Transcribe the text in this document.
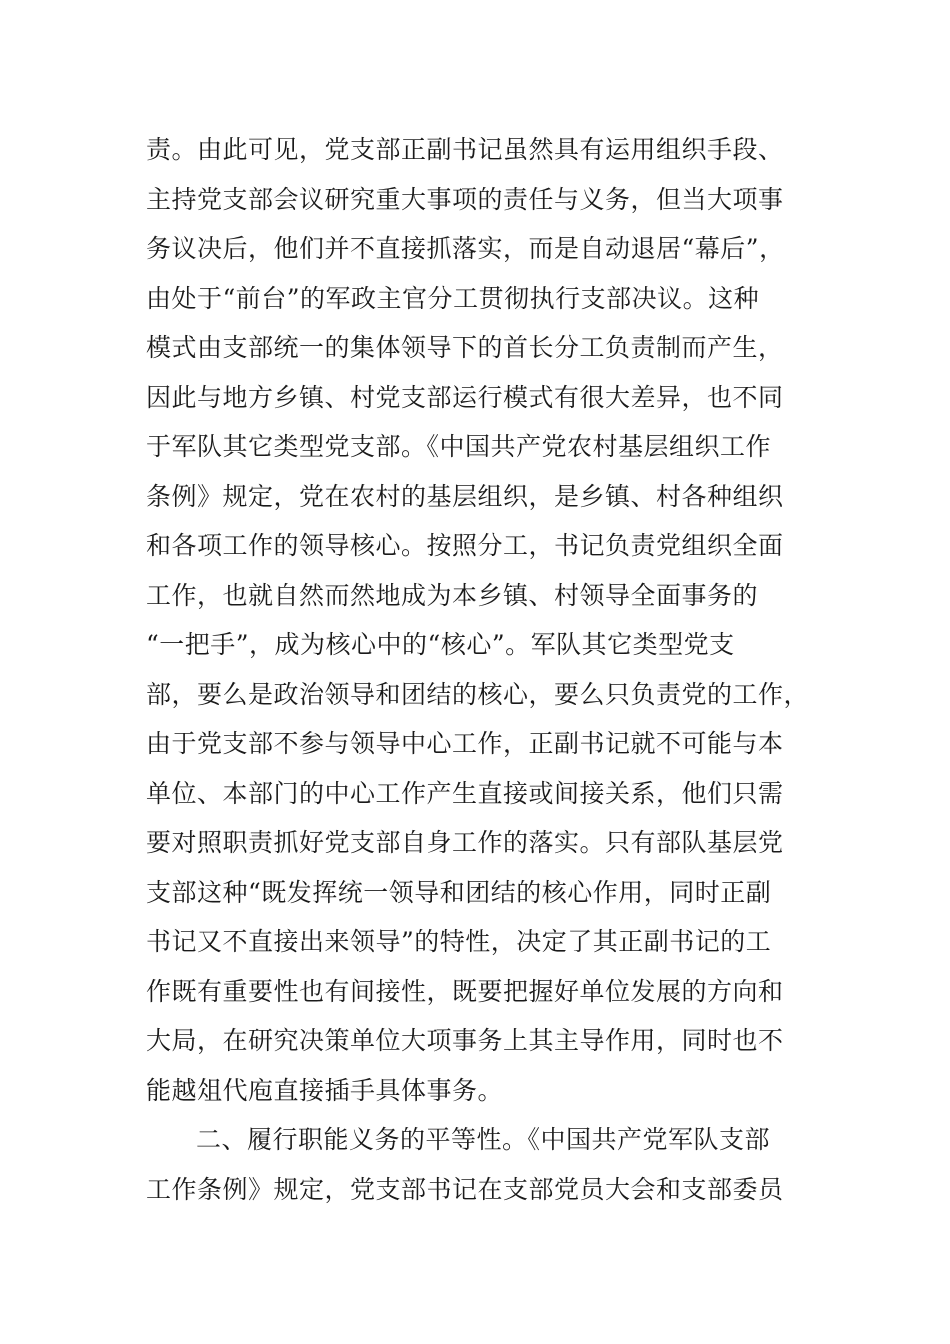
责。由此可见，党支部正副书记虽然具有运用组织手段、
主持党支部会议研究重大事项的责任与义务，但当大项事
务议决后，他们并不直接抓落实，而是自动退居“幕后”，
由处于“前台”的军政主官分工贯彻执行支部决议。这种
模式由支部统一的集体领导下的首长分工负责制而产生，
因此与地方乡镇、村党支部运行模式有很大差异，也不同
于军队其它类型党支部。《中国共产党农村基层组织工作
条例》规定，党在农村的基层组织，是乡镇、村各种组织
和各项工作的领导核心。按照分工，书记负责党组织全面
工作，也就自然而然地成为本乡镇、村领导全面事务的
“一把手”，成为核心中的“核心”。军队其它类型党支
部，要么是政治领导和团结的核心，要么只负责党的工作，
由于党支部不参与领导中心工作，正副书记就不可能与本
单位、本部门的中心工作产生直接或间接关系，他们只需
要对照职责抓好党支部自身工作的落实。只有部队基层党
支部这种“既发挥统一领导和团结的核心作用，同时正副
书记又不直接出来领导”的特性，决定了其正副书记的工
作既有重要性也有间接性，既要把握好单位发展的方向和
大局，在研究决策单位大项事务上其主导作用，同时也不
能越俎代庖直接插手具体事务。
二、履行职能义务的平等性。《中国共产党军队支部
工作条例》规定，党支部书记在支部党员大会和支部委员
